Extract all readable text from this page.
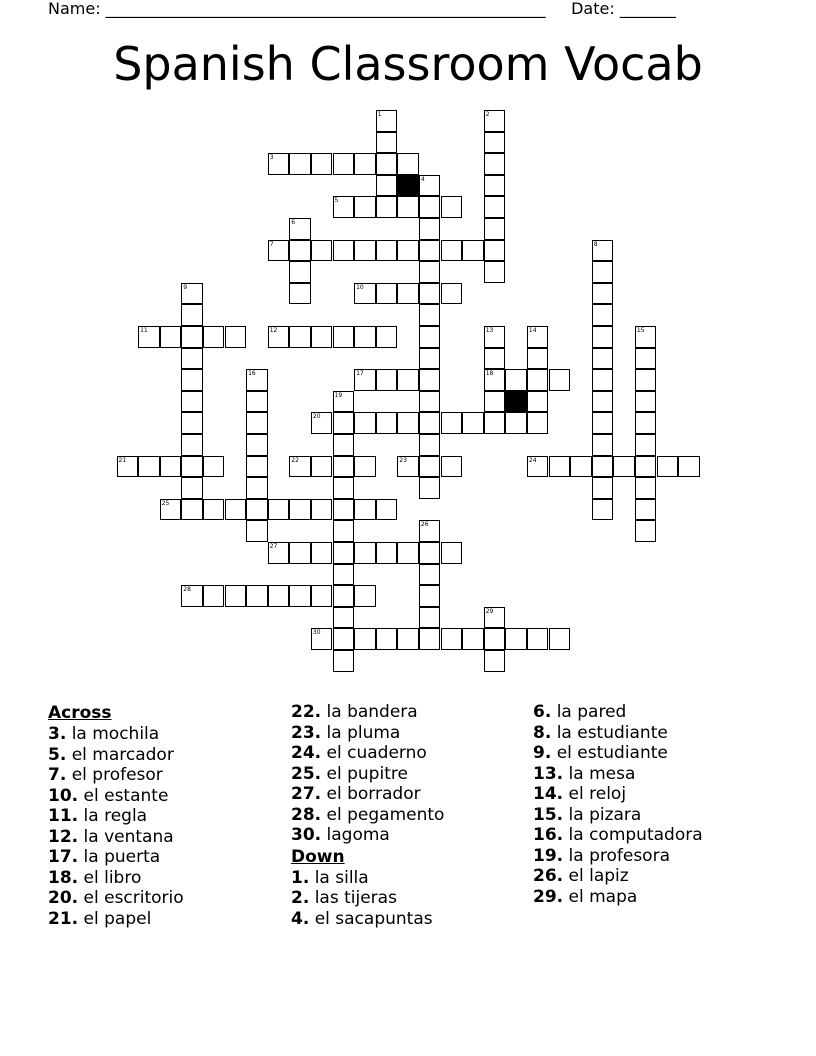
Name: _______________________________________________________     Date: _______
Spanish Classroom Vocab
3
5
7
10
11	12
17	18
20
21	22	23	24
25
27
28
30
1	2
4
6
8
9
13	14	15
16
19
26
29
Across
3. la mochila
5. el marcador
7. el profesor
10. el estante
11. la regla
12. la ventana
17. la puerta
18. el libro
20. el escritorio
21. el papel
22. la bandera
23. la pluma
24. el cuaderno
25. el pupitre
27. el borrador
28. el pegamento
30. lagoma
Down
1. la silla
2. las tijeras
4. el sacapuntas
6. la pared
8. la estudiante
9. el estudiante
13. la mesa
14. el reloj
15. la pizara
16. la computadora
19. la profesora
26. el lapiz
29. el mapa
